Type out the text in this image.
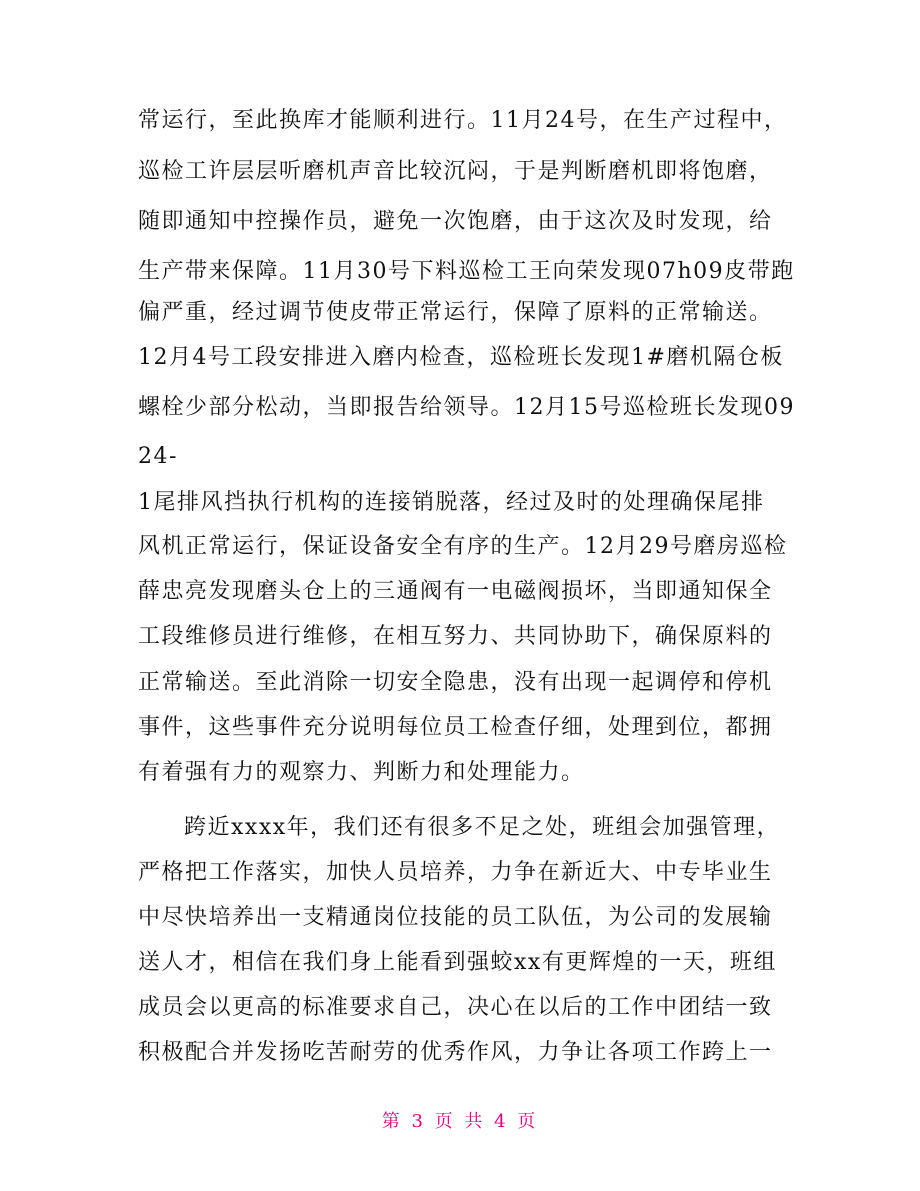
常运行，至此换库才能顺利进行。11月24号，在生产过程中，
巡检工许层层听磨机声音比较沉闷，于是判断磨机即将饱磨，
随即通知中控操作员，避免一次饱磨，由于这次及时发现，给
生产带来保障。11月30号下料巡检工王向荣发现07h09皮带跑
偏严重，经过调节使皮带正常运行，保障了原料的正常输送。
12月4号工段安排进入磨内检查，巡检班长发现1#磨机隔仓板
螺栓少部分松动，当即报告给领导。12月15号巡检班长发现09
24-
1尾排风挡执行机构的连接销脱落，经过及时的处理确保尾排
风机正常运行，保证设备安全有序的生产。12月29号磨房巡检
薛忠亮发现磨头仓上的三通阀有一电磁阀损坏，当即通知保全
工段维修员进行维修，在相互努力、共同协助下，确保原料的
正常输送。至此消除一切安全隐患，没有出现一起调停和停机
事件，这些事件充分说明每位员工检查仔细，处理到位，都拥
有着强有力的观察力、判断力和处理能力。
跨近xxxx年，我们还有很多不足之处，班组会加强管理，
严格把工作落实，加快人员培养，力争在新近大、中专毕业生
中尽快培养出一支精通岗位技能的员工队伍，为公司的发展输
送人才，相信在我们身上能看到强蛟xx有更辉煌的一天，班组
成员会以更高的标准要求自己，决心在以后的工作中团结一致
积极配合并发扬吃苦耐劳的优秀作风，力争让各项工作跨上一
第 3 页 共 4 页
